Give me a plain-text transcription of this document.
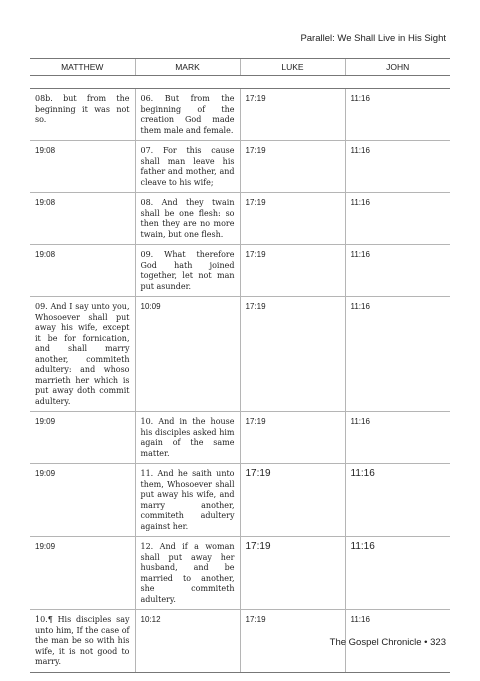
Parallel: We Shall Live in His Sight
MATTHEW	MARK	LUKE	JOHN

08b. but from the beginning it was not so.	06. But from the beginning of the creation God made them male and female.	17:19	11:16
19:08	07. For this cause shall man leave his father and mother, and cleave to his wife;	17:19	11:16
19:08	08. And they twain shall be one flesh: so then they are no more twain, but one flesh.	17:19	11:16
19:08	09. What therefore God hath joined together, let not man put asunder.	17:19	11:16
09. And I say unto you, Whosoever shall put away his wife, except it be for fornication, and shall marry another, commiteth adultery: and whoso marrieth her which is put away doth commit adultery.	10:09	17:19	11:16
19:09	10. And in the house his disciples asked him again of the same matter.	17:19	11:16
19:09	11. And he saith unto them, Whosoever shall put away his wife, and marry another, commiteth adultery against her.	17:19	11:16
19:09	12. And if a woman shall put away her husband, and be married to another, she commiteth adultery.	17:19	11:16
10.¶ His disciples say unto him, If the case of the man be so with his wife, it is not good to marry.	10:12	17:19	11:16
The Gospel Chronicle • 323
